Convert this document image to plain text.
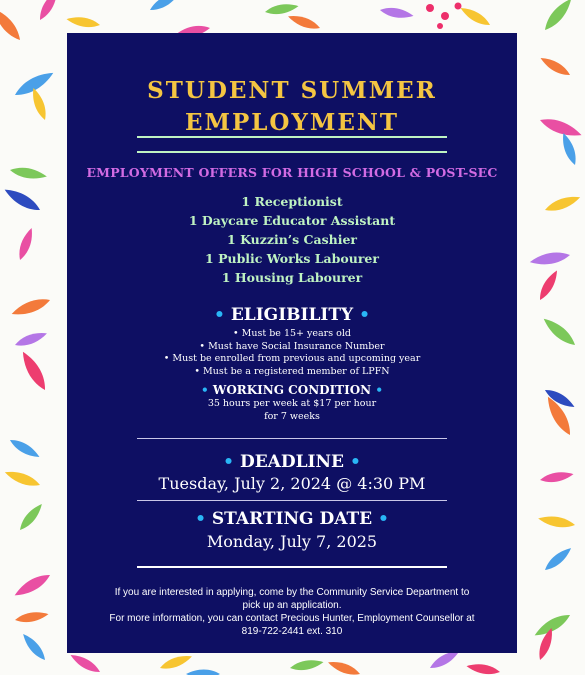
STUDENT SUMMER
EMPLOYMENT
EMPLOYMENT OFFERS FOR HIGH SCHOOL & POST-SEC
1 Receptionist
1 Daycare Educator Assistant
1 Kuzzin’s Cashier
1 Public Works Labourer
1 Housing Labourer
• ELIGIBILITY •
• Must be 15+ years old
• Must have Social Insurance Number
• Must be enrolled from previous and upcoming year
• Must be a registered member of LPFN
• WORKING CONDITION •
35 hours per week at $17 per hour
for 7 weeks
• DEADLINE •
Tuesday, July 2, 2024 @ 4:30 PM
• STARTING DATE •
Monday, July 7, 2025
If you are interested in applying, come by the Community Service Department to
pick up an application.
For more information, you can contact Precious Hunter, Employment Counsellor at
819-722-2441 ext. 310
